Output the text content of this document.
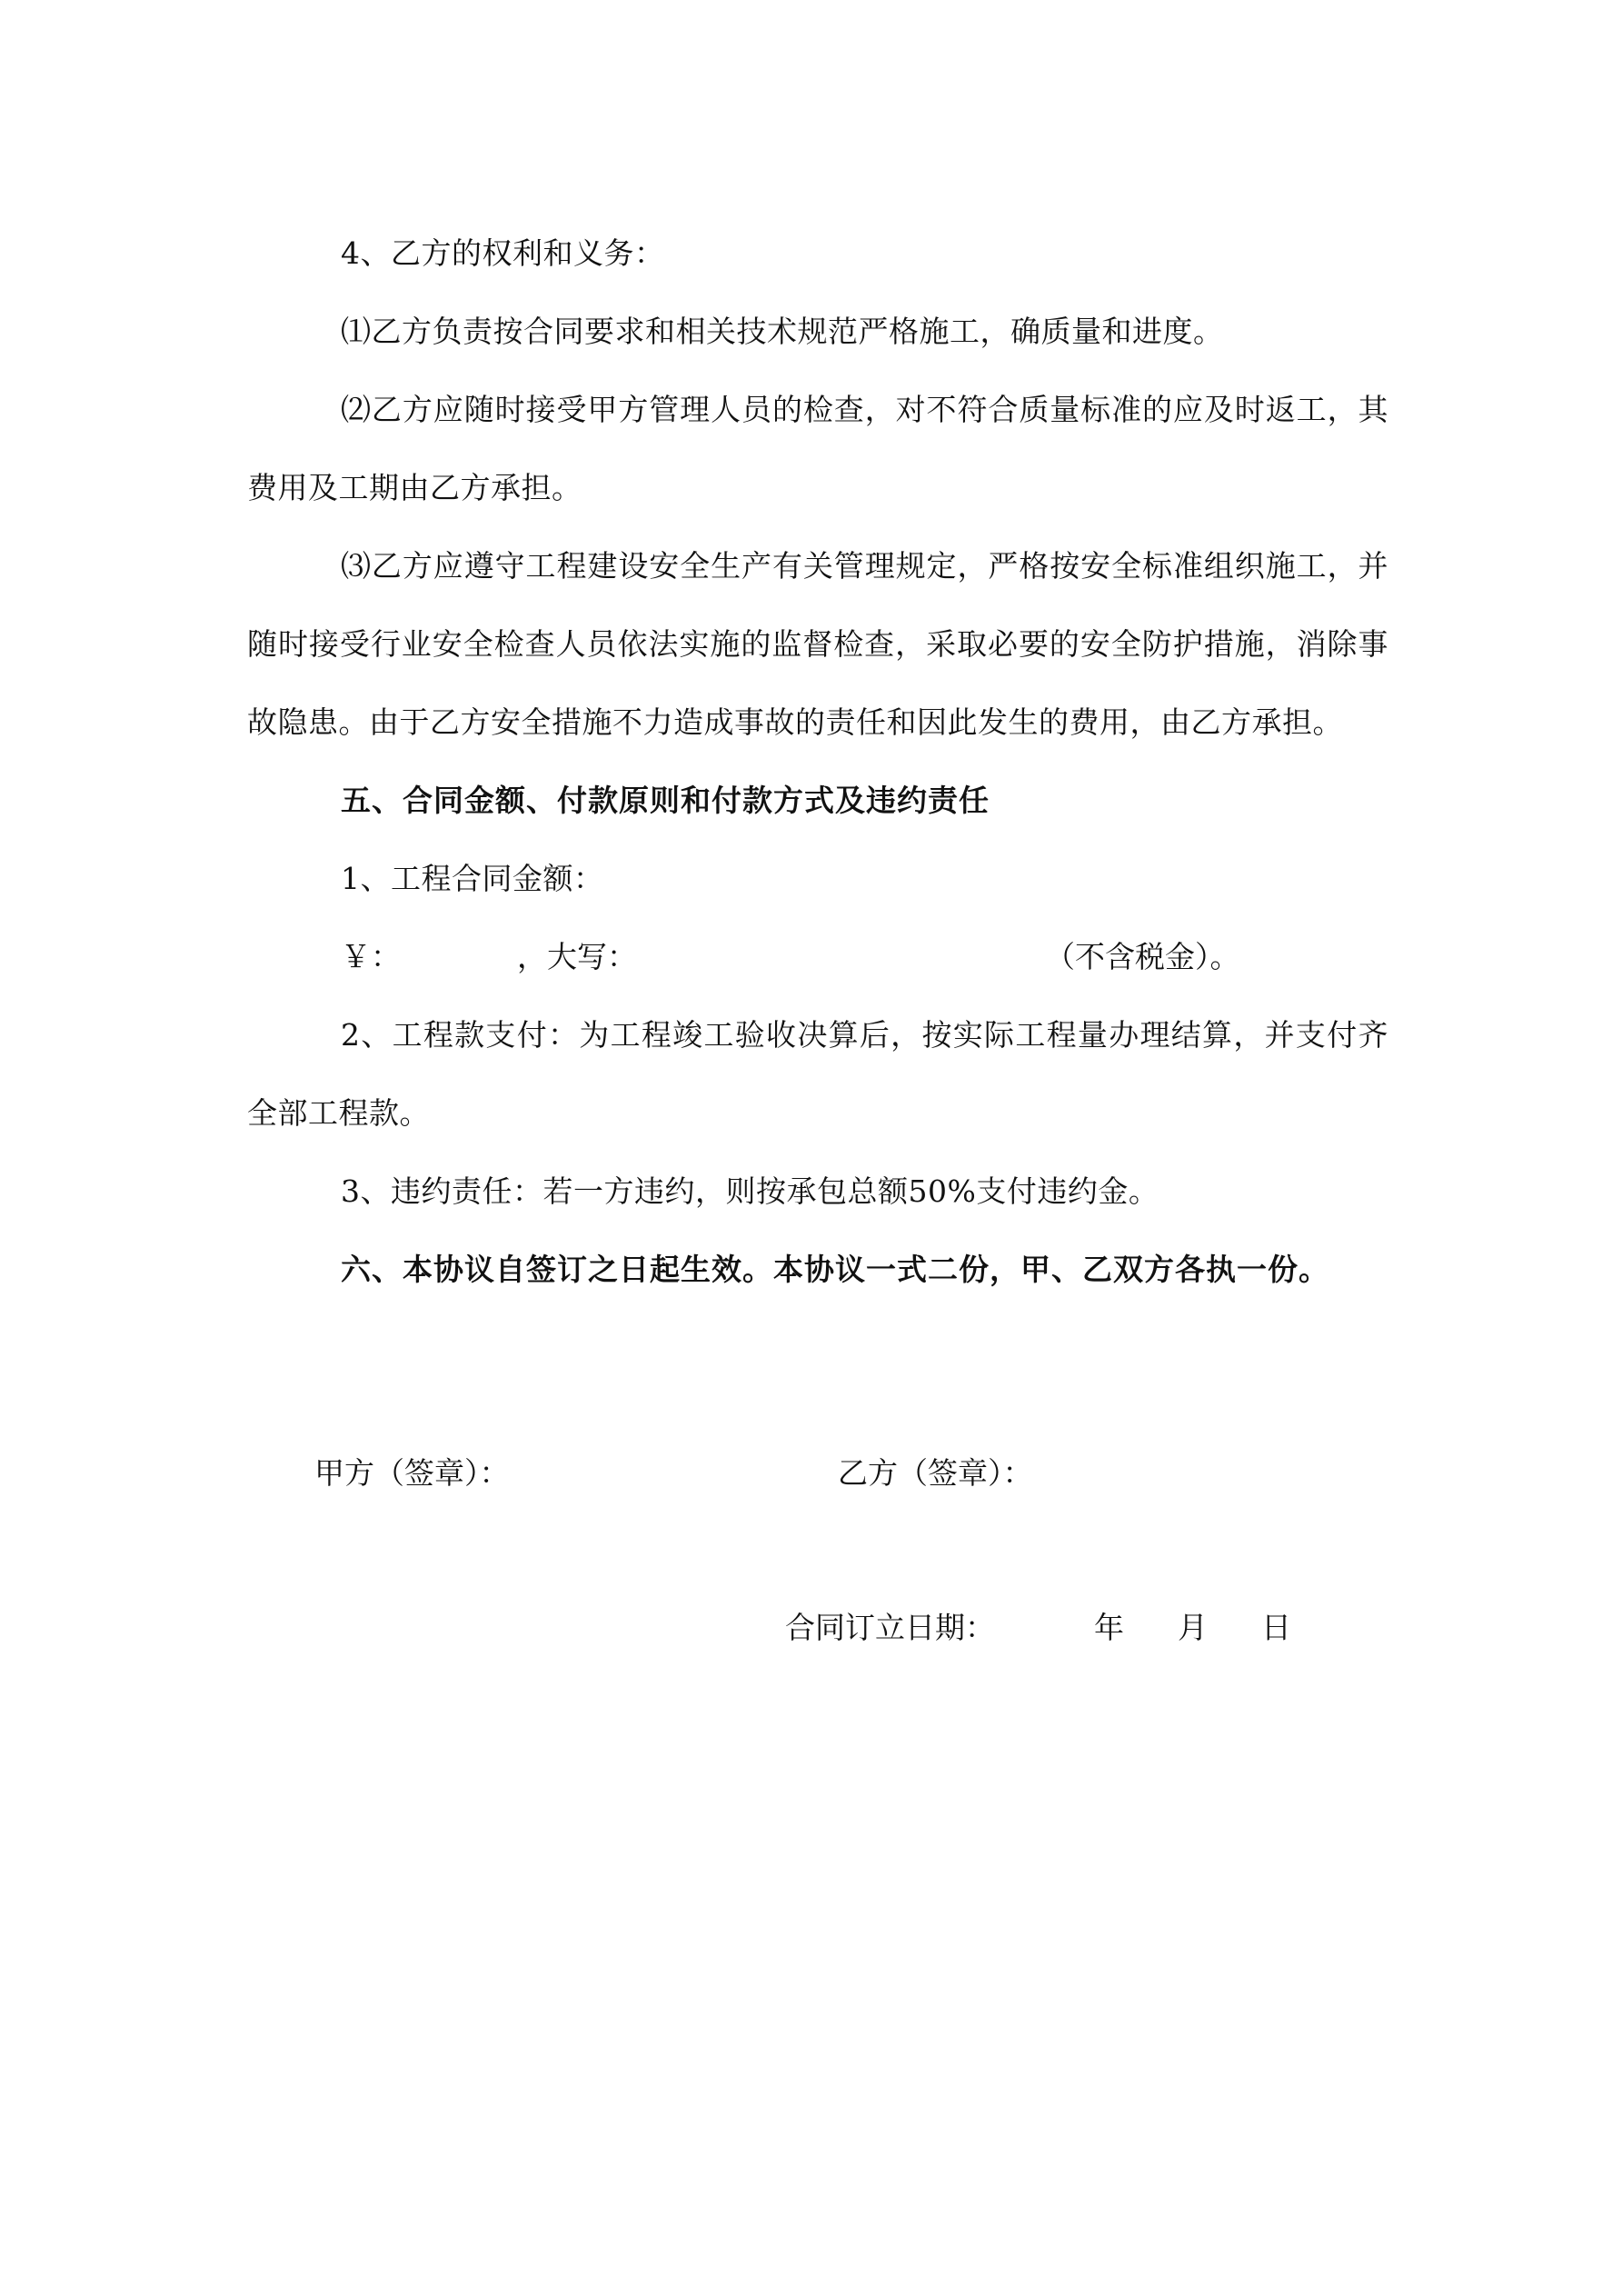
4、乙方的权利和义务：

⑴乙方负责按合同要求和相关技术规范严格施工，确质量和进度。

⑵乙方应随时接受甲方管理人员的检查，对不符合质量标准的应及时返工，其费用及工期由乙方承担。

⑶乙方应遵守工程建设安全生产有关管理规定，严格按安全标准组织施工，并随时接受行业安全检查人员依法实施的监督检查，采取必要的安全防护措施，消除事故隐患。由于乙方安全措施不力造成事故的责任和因此发生的费用，由乙方承担。

五、合同金额、付款原则和付款方式及违约责任

1、工程合同金额：

￥：	，大写：	（不含税金）。

2、工程款支付：为工程竣工验收决算后，按实际工程量办理结算，并支付齐全部工程款。

3、违约责任：若一方违约，则按承包总额50%支付违约金。

六、本协议自签订之日起生效。本协议一式二份，甲、乙双方各执一份。

甲方（签章）：	乙方（签章）：
合同订立日期：	年 月 日
